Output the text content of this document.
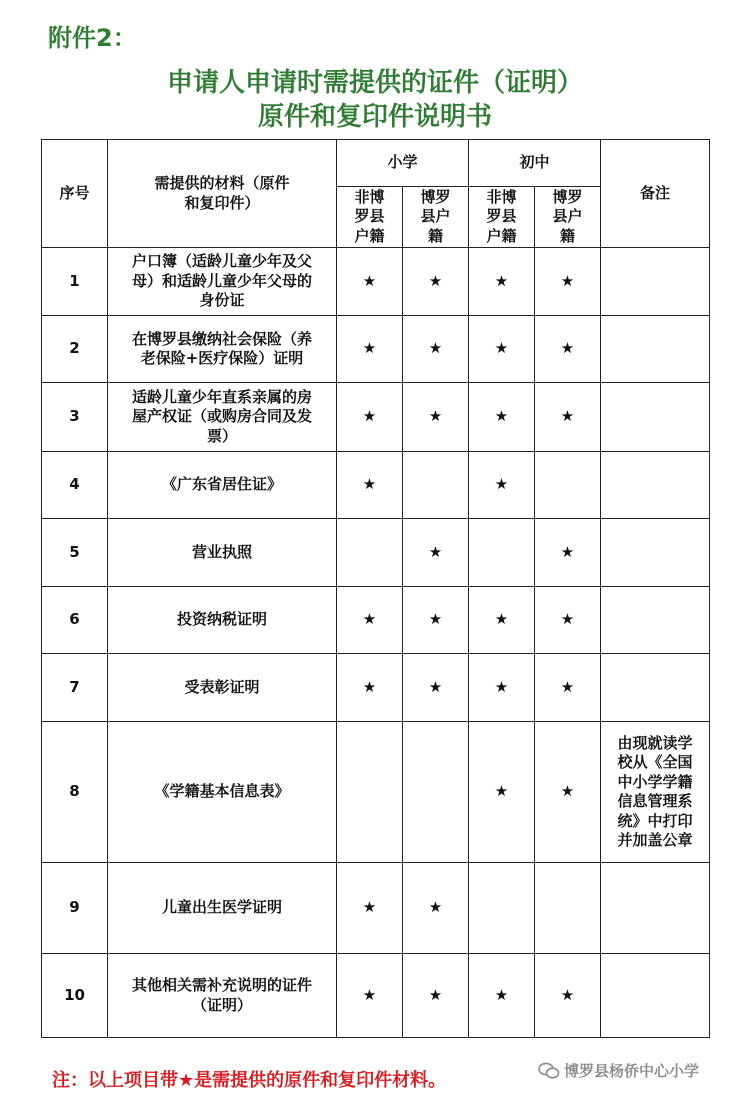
附件2：
申请人申请时需提供的证件（证明）
原件和复印件说明书
序号	需提供的材料（原件和复印件）	小学		初中		备注
		非博罗县户籍	博罗县户籍	非博罗县户籍	博罗县户籍	
1	户口簿（适龄儿童少年及父母）和适龄儿童少年父母的身份证	★	★	★	★	
2	在博罗县缴纳社会保险（养老保险+医疗保险）证明	★	★	★	★	
3	适龄儿童少年直系亲属的房屋产权证（或购房合同及发票）	★	★	★	★	
4	《广东省居住证》	★		★		
5	营业执照		★		★	
6	投资纳税证明	★	★	★	★	
7	受表彰证明	★	★	★	★	
8	《学籍基本信息表》			★	★	由现就读学校从《全国中小学学籍信息管理系统》中打印并加盖公章
9	儿童出生医学证明	★	★			
10	其他相关需补充说明的证件（证明）	★	★	★	★	
注：以上项目带★是需提供的原件和复印件材料。	博罗县杨侨中心小学
